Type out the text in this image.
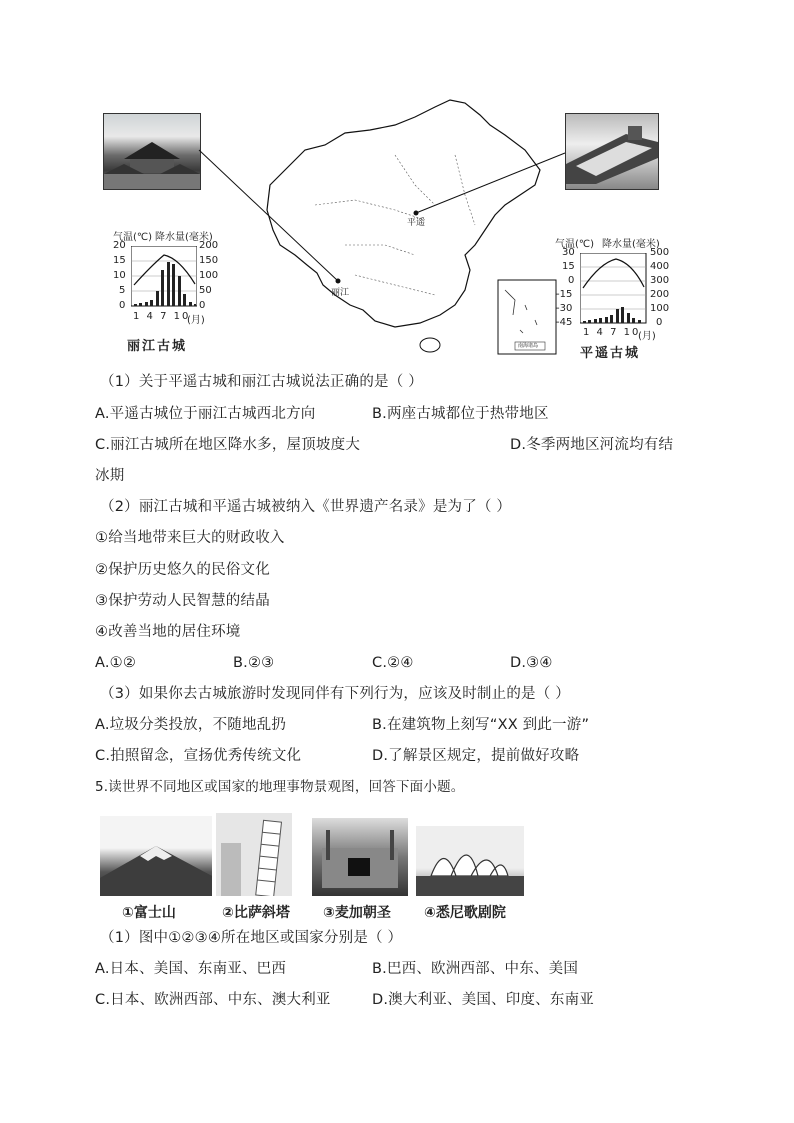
平遥
丽江
南海诸岛
气温(℃) 降水量(毫米)
20
15
10
5
0
200
150
100
50
0
1 4 7 10
(月)
丽江古城
气温(℃) 降水量(毫米)
30
15
0
-15
-30
-45
500
400
300
200
100
0
1 4 7 10
(月)
平遥古城
（1）关于平遥古城和丽江古城说法正确的是（ ）
A.平遥古城位于丽江古城西北方向	B.两座古城都位于热带地区
C.丽江古城所在地区降水多，屋顶坡度大	D.冬季两地区河流均有结
冰期
（2）丽江古城和平遥古城被纳入《世界遗产名录》是为了（ ）
①给当地带来巨大的财政收入
②保护历史悠久的民俗文化
③保护劳动人民智慧的结晶
④改善当地的居住环境
A.①②	B.②③	C.②④	D.③④
（3）如果你去古城旅游时发现同伴有下列行为，应该及时制止的是（ ）
A.垃圾分类投放，不随地乱扔	B.在建筑物上刻写“XX 到此一游”
C.拍照留念，宣扬优秀传统文化	D.了解景区规定，提前做好攻略
5.读世界不同地区或国家的地理事物景观图，回答下面小题。
①富士山	②比萨斜塔 ③麦加朝圣 ④悉尼歌剧院
（1）图中①②③④所在地区或国家分别是（ ）
A.日本、美国、东南亚、巴西	B.巴西、欧洲西部、中东、美国
C.日本、欧洲西部、中东、澳大利亚	D.澳大利亚、美国、印度、东南亚
